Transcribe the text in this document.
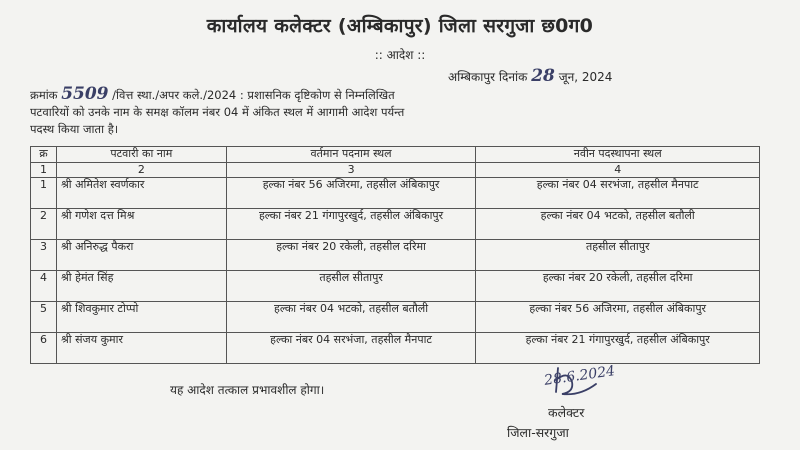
कार्यालय कलेक्टर (अम्बिकापुर) जिला सरगुजा छ0ग0
:: आदेश ::
अम्बिकापुर दिनांक 28 जून, 2024
क्रमांक 5509 /वित्त स्था./अपर कले./2024 : प्रशासनिक दृष्टिकोण से निम्नलिखित
पटवारियों को उनके नाम के समक्ष कॉलम नंबर 04 में अंकित स्थल में आगामी आदेश पर्यन्त
पदस्थ किया जाता है।
क्र	पटवारी का नाम	वर्तमान पदनाम स्थल	नवीन पदस्थापना स्थल
1	2	3	4
1	श्री अमितेश स्वर्णकार	हल्का नंबर 56 अजिरमा, तहसील अंबिकापुर	हल्का नंबर 04 सरभंजा, तहसील मैनपाट
2	श्री गणेश दत्त मिश्र	हल्का नंबर 21 गंगापुरखुर्द, तहसील अंबिकापुर	हल्का नंबर 04 भटको, तहसील बतौली
3	श्री अनिरुद्ध पैकरा	हल्का नंबर 20 रकेली, तहसील दरिमा	तहसील सीतापुर
4	श्री हेमंत सिंह	तहसील सीतापुर	हल्का नंबर 20 रकेली, तहसील दरिमा
5	श्री शिवकुमार टोप्पो	हल्का नंबर 04 भटको, तहसील बतौली	हल्का नंबर 56 अजिरमा, तहसील अंबिकापुर
6	श्री संजय कुमार	हल्का नंबर 04 सरभंजा, तहसील मैनपाट	हल्का नंबर 21 गंगापुरखुर्द, तहसील अंबिकापुर
यह आदेश तत्काल प्रभावशील होगा।
28.6.2024
कलेक्टर
जिला-सरगुजा
